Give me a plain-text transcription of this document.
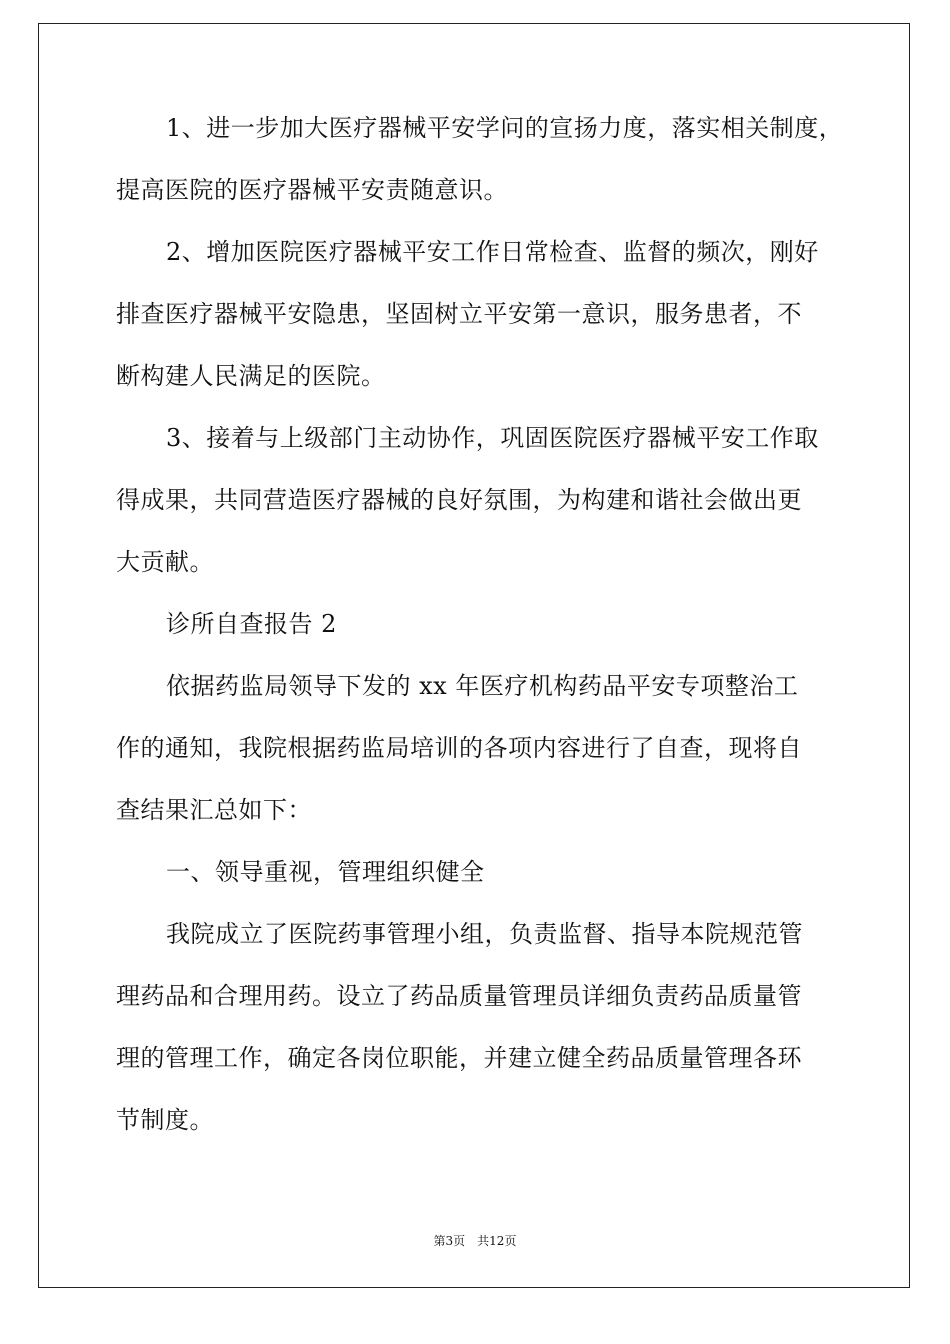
1、进一步加大医疗器械平安学问的宣扬力度，落实相关制度，
提高医院的医疗器械平安责随意识。
2、增加医院医疗器械平安工作日常检查、监督的频次，刚好
排查医疗器械平安隐患，坚固树立平安第一意识，服务患者，不
断构建人民满足的医院。
3、接着与上级部门主动协作，巩固医院医疗器械平安工作取
得成果，共同营造医疗器械的良好氛围，为构建和谐社会做出更
大贡献。
诊所自查报告 2
依据药监局领导下发的 xx 年医疗机构药品平安专项整治工
作的通知，我院根据药监局培训的各项内容进行了自查，现将自
查结果汇总如下：
一、领导重视，管理组织健全
我院成立了医院药事管理小组，负责监督、指导本院规范管
理药品和合理用药。设立了药品质量管理员详细负责药品质量管
理的管理工作，确定各岗位职能，并建立健全药品质量管理各环
节制度。
第3页 共12页
